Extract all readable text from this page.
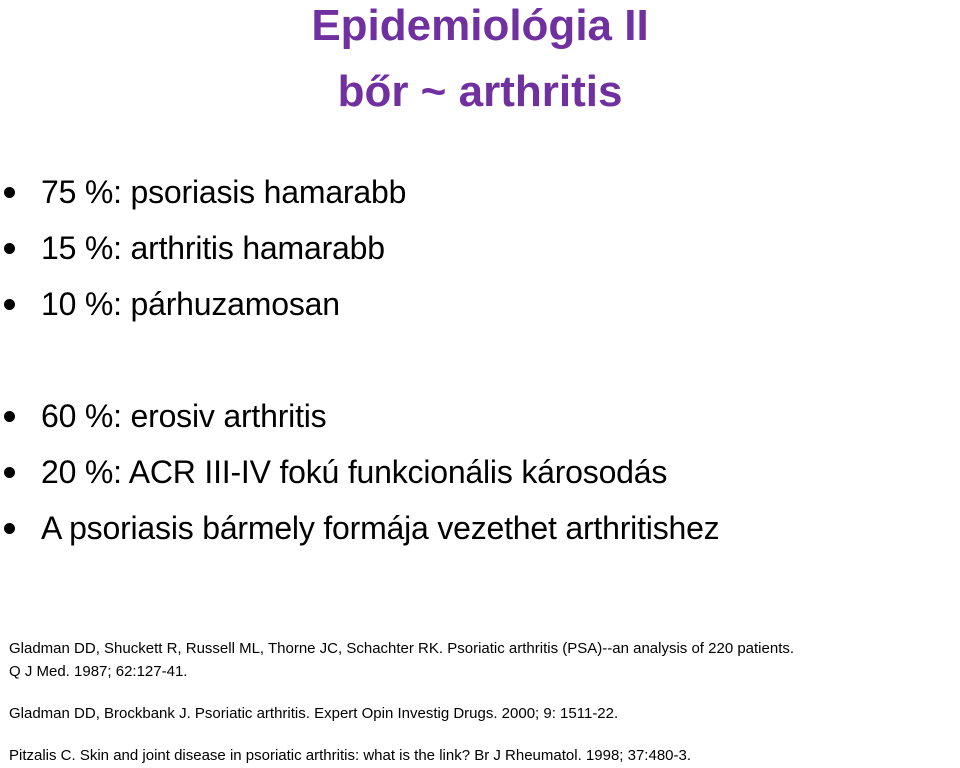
Epidemiológia II
bőr ~ arthritis
75 %: psoriasis hamarabb
15 %: arthritis hamarabb
10 %: párhuzamosan
60 %: erosiv arthritis
20 %: ACR III-IV fokú funkcionális károsodás
A psoriasis bármely formája vezethet arthritishez

Gladman DD, Shuckett R, Russell ML, Thorne JC, Schachter RK. Psoriatic arthritis (PSA)--an analysis of 220 patients.

Q J Med. 1987; 62:127-41.

Gladman DD, Brockbank J. Psoriatic arthritis. Expert Opin Investig Drugs. 2000; 9: 1511-22.

Pitzalis C. Skin and joint disease in psoriatic arthritis: what is the link? Br J Rheumatol. 1998; 37:480-3.
